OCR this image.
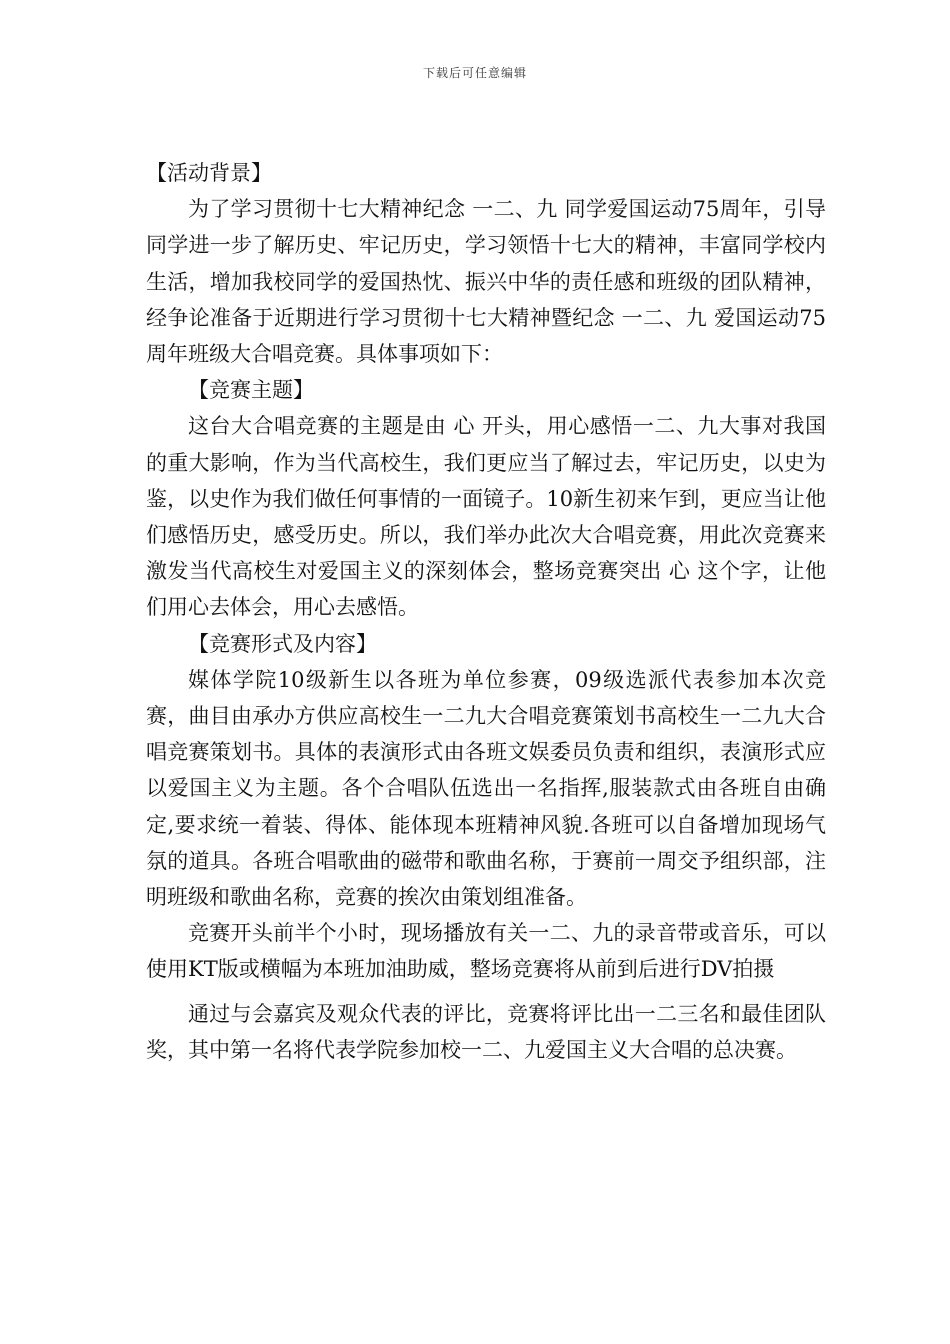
下载后可任意编辑

【活动背景】

为了学习贯彻十七大精神纪念 一二、九 同学爱国运动75周年，引导同学进一步了解历史、牢记历史，学习领悟十七大的精神，丰富同学校内生活，增加我校同学的爱国热忱、振兴中华的责任感和班级的团队精神，经争论准备于近期进行学习贯彻十七大精神暨纪念 一二、九 爱国运动75周年班级大合唱竞赛。具体事项如下：

【竞赛主题】

这台大合唱竞赛的主题是由 心 开头，用心感悟一二、九大事对我国的重大影响，作为当代高校生，我们更应当了解过去，牢记历史，以史为鉴，以史作为我们做任何事情的一面镜子。10新生初来乍到，更应当让他们感悟历史，感受历史。所以，我们举办此次大合唱竞赛，用此次竞赛来激发当代高校生对爱国主义的深刻体会，整场竞赛突出 心 这个字，让他们用心去体会，用心去感悟。

【竞赛形式及内容】

媒体学院10级新生以各班为单位参赛，09级选派代表参加本次竞赛，曲目由承办方供应高校生一二九大合唱竞赛策划书高校生一二九大合唱竞赛策划书。具体的表演形式由各班文娱委员负责和组织，表演形式应以爱国主义为主题。各个合唱队伍选出一名指挥,服装款式由各班自由确定,要求统一着装、得体、能体现本班精神风貌.各班可以自备增加现场气氛的道具。各班合唱歌曲的磁带和歌曲名称，于赛前一周交予组织部，注明班级和歌曲名称，竞赛的挨次由策划组准备。

竞赛开头前半个小时，现场播放有关一二、九的录音带或音乐，可以使用KT版或横幅为本班加油助威，整场竞赛将从前到后进行DV拍摄

通过与会嘉宾及观众代表的评比，竞赛将评比出一二三名和最佳团队奖，其中第一名将代表学院参加校一二、九爱国主义大合唱的总决赛。
